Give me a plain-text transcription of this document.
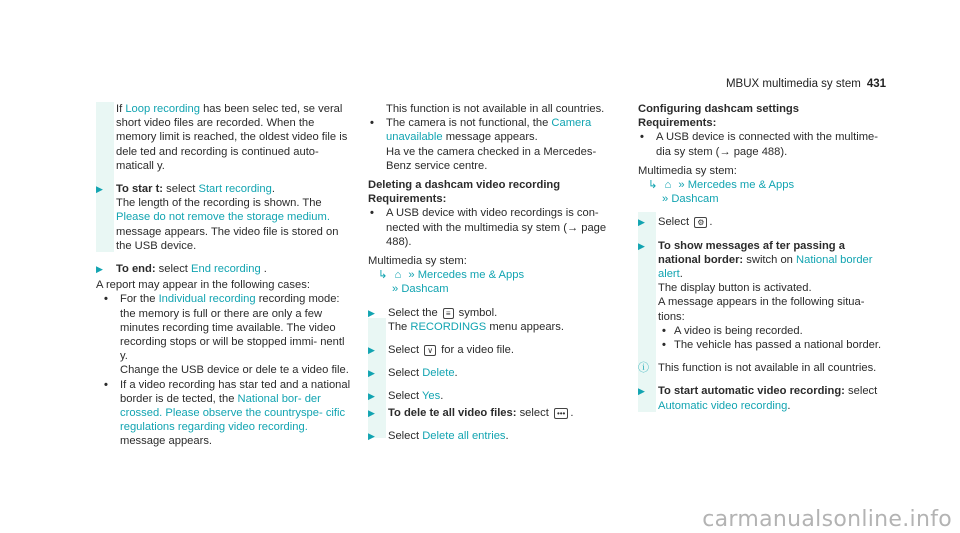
MBUX multimedia sy stem 431
If Loop recording has been selec ted, se veral short video files are recorded. When the memory limit is reached, the oldest video file is dele ted and recording is continued auto‐ maticall y.
▶ To star t: select Start recording.
The length of the recording is shown. The Please do not remove the storage medium. message appears. The video file is stored on the USB device.
▶ To end: select End recording .
A report may appear in the following cases:
• For the Individual recording recording mode: the memory is full or there are only a few minutes recording time available. The video recording stops or will be stopped immi‐ nentl y.
Change the USB device or dele te a video file.
• If a video recording has star ted and a national border is de tected, the National bor‐ der crossed. Please observe the countryspe‐ cific regulations regarding video recording. message appears.
This function is not available in all countries.
• The camera is not functional, the Camera unavailable message appears.
Ha ve the camera checked in a Mercedes- Benz service centre.
Deleting a dashcam video recording
Requirements:
• A USB device with video recordings is con‐ nected with the multimedia sy stem (→ page 488).
Multimedia sy stem:
↳ ⌂ » Mercedes me & Apps
» Dashcam
▶ Select the ≡ symbol.
The RECORDINGS menu appears.
▶ Select ∨ for a video file.
▶ Select Delete.
▶ Select Yes.
▶ To dele te all video files: select ••• .
▶ Select Delete all entries.
Configuring dashcam settings
Requirements:
• A USB device is connected with the multime‐ dia sy stem (→ page 488).
Multimedia sy stem:
↳ ⌂ » Mercedes me & Apps
» Dashcam
▶ Select ⚙ .
▶ To show messages af ter passing a national border: switch on National border alert.
The display button is activated.
A message appears in the following situa‐ tions:
• A video is being recorded.
• The vehicle has passed a national border.
ⓘ This function is not available in all countries.
▶ To start automatic video recording: select Automatic video recording.
carmanualsonline.info
